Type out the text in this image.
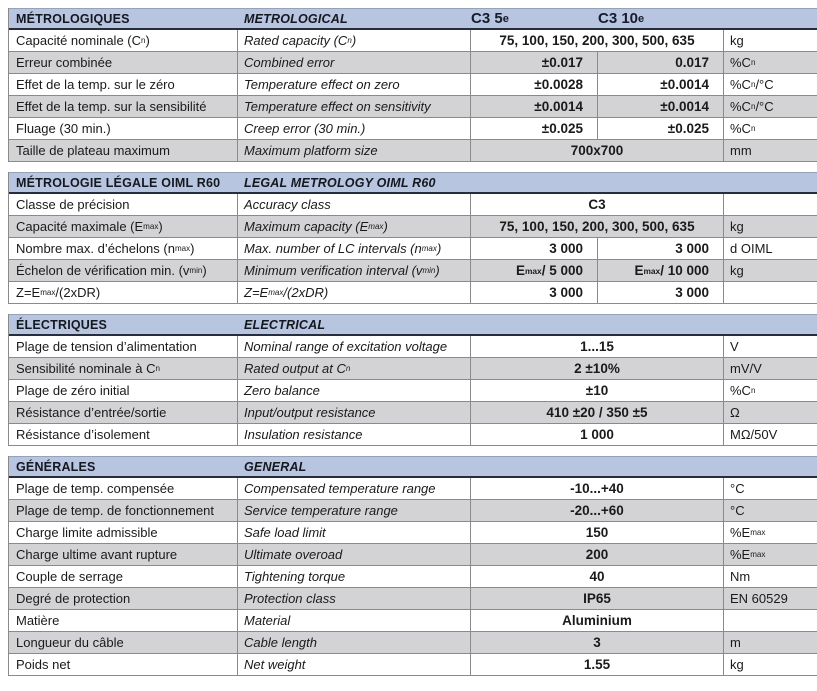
MÉTROLOGIQUES	METROLOGICAL	C3 5 e	C3 10 e
Capacité nominale ($C_n$ )	Rated capacity ($C_n$ )	75, 100, 150, 200, 300, 500, 635	kg
Erreur combinée	Combined error	±0.017	0.017	$\%C_n$
Effet de la temp. sur le zéro	Temperature effect on zero	±0.0028	±0.0014	$\%C_n$ /°C
Effet de la temp. sur la sensibilité	Temperature effect on sensitivity	±0.0014	±0.0014	$\%C_n$ /°C
Fluage (30 min.)	Creep error (30 min.)	±0.025	±0.025	$\%C_n$
Taille de plateau maximum	Maximum platform size	700x700	mm
MÉTROLOGIE LÉGALE OIML R60	LEGAL METROLOGY OIML R60
Classe de précision	Accuracy class	C3
Capacité maximale ($E_{max}$ )	Maximum capacity ($E_{max}$ )	75, 100, 150, 200, 300, 500, 635	kg
Nombre max. d’échelons ($n_{max}$ )	Max. number of LC intervals ($n_{max}$ )	3 000	3 000	d OIML
Échelon de vérification min. ($v_{min}$ )	Minimum verification interval ($v_{min}$ )	$E_{max} / 5$ 000	$E_{max} / 10$ 000	kg
$Z=E_{max}$ /(2xDR)	$Z=E_{max}$ /(2xDR)	3 000	3 000
ÉLECTRIQUES	ELECTRICAL
Plage de tension d’alimentation	Nominal range of excitation voltage	1...15	V
Sensibilité nominale à $C_n$	Rated output at $C_n$	2 ±10%	mV/V
Plage de zéro initial	Zero balance	±10	$\%C_n$
Résistance d’entrée/sortie	Input/output resistance	410 ±20 / 350 ±5	Ω
Résistance d’isolement	Insulation resistance	1 000	MΩ/50V
GÉNÉRALES	GENERAL
Plage de temp. compensée	Compensated temperature range	-10...+40	°C
Plage de temp. de fonctionnement	Service temperature range	-20...+60	°C
Charge limite admissible	Safe load limit	150	$\%E_{max}$
Charge ultime avant rupture	Ultimate overoad	200	$\%E_{max}$
Couple de serrage	Tightening torque	40	Nm
Degré de protection	Protection class	IP65	EN 60529
Matière	Material	Aluminium
Longueur du câble	Cable length	3	m
Poids net	Net weight	1.55	kg
